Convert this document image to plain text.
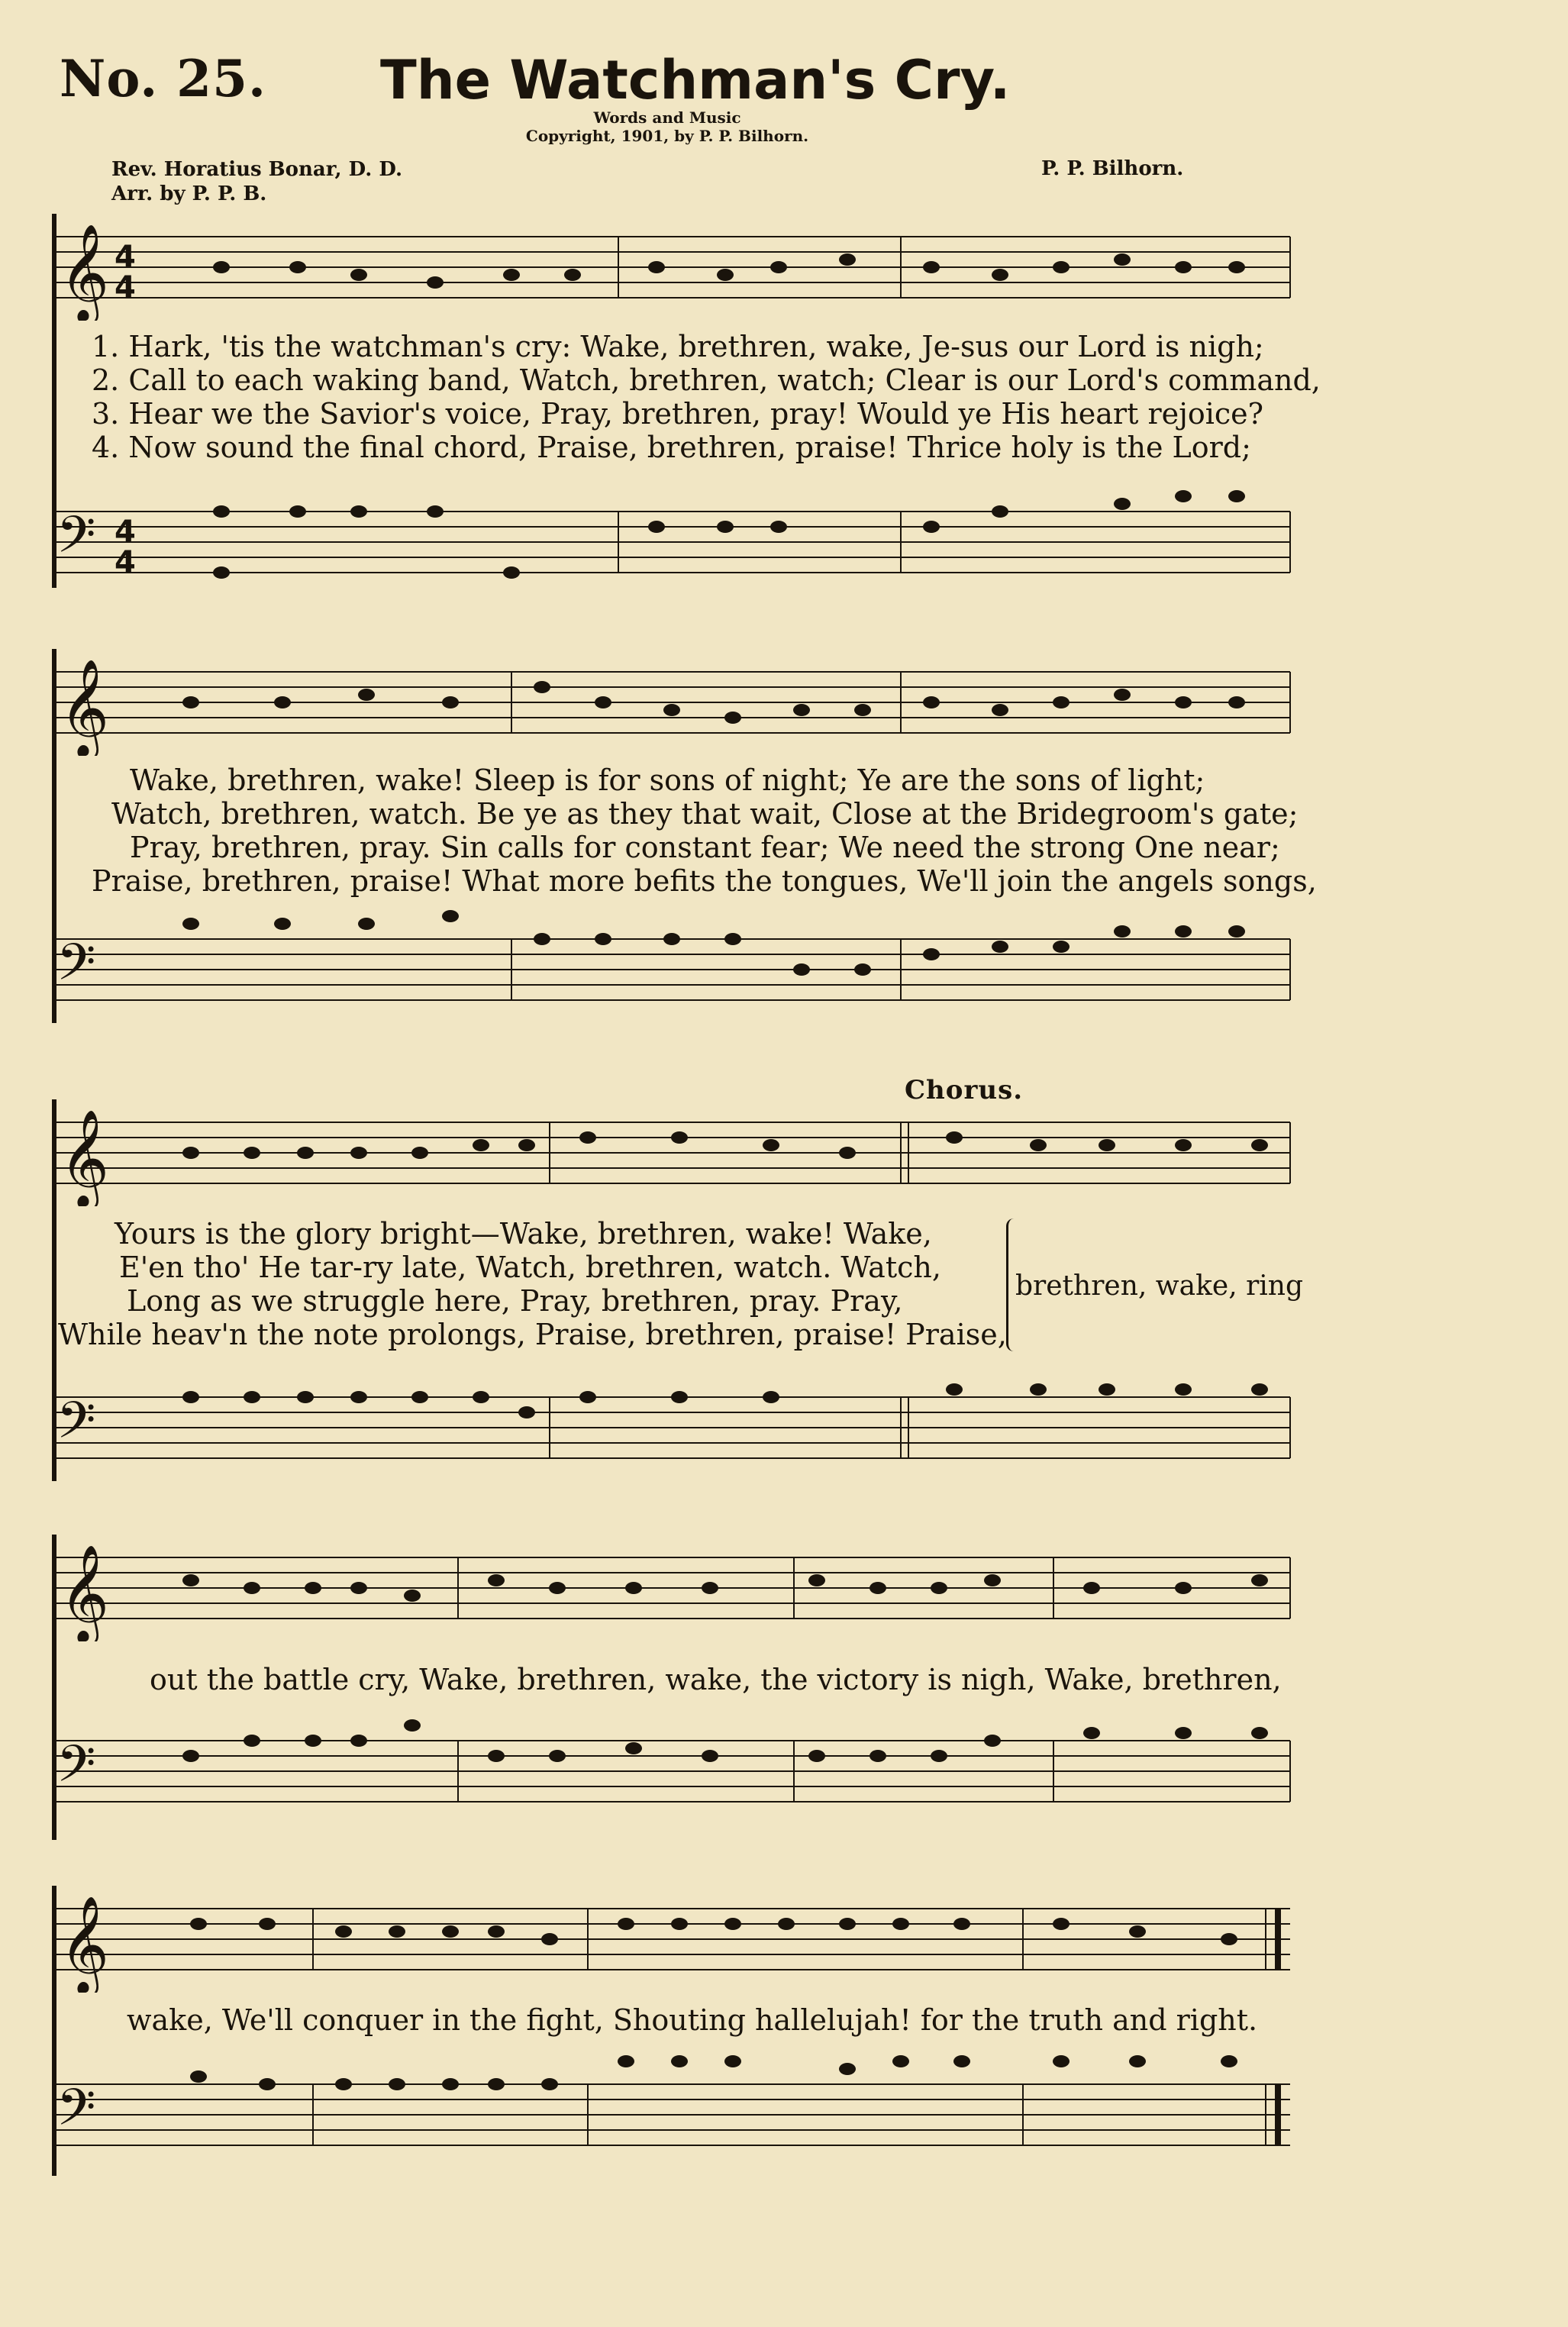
No. 25. The Watchman's Cry.
Words and Music
Copyright, 1901, by P. P. Bilhorn.
Rev. Horatius Bonar, D. D.
Arr. by P. P. B.
P. P. Bilhorn.
𝄞 4
4
1. Hark, 'tis the watchman's cry: Wake, brethren, wake, Je-sus our Lord is nigh;
2. Call to each waking band, Watch, brethren, watch; Clear is our Lord's command,
3. Hear we the Savior's voice, Pray, brethren, pray! Would ye His heart rejoice?
4. Now sound the final chord, Praise, brethren, praise! Thrice holy is the Lord;
𝄢 4
4
𝄞
Wake, brethren, wake! Sleep is for sons of night; Ye are the sons of light;
Watch, brethren, watch. Be ye as they that wait, Close at the Bridegroom's gate;
Pray, brethren, pray. Sin calls for constant fear; We need the strong One near;
Praise, brethren, praise! What more befits the tongues, We'll join the angels songs,
𝄢
Chorus.
𝄞
Yours is the glory bright—Wake, brethren, wake! Wake,
E'en tho' He tar-ry late, Watch, brethren, watch. Watch,
Long as we struggle here, Pray, brethren, pray. Pray,
While heav'n the note prolongs, Praise, brethren, praise! Praise,
brethren, wake, ring
𝄢
𝄞
out the battle cry, Wake, brethren, wake, the victory is nigh, Wake, brethren,
𝄢
𝄞
wake, We'll conquer in the fight, Shouting hallelujah! for the truth and right.
𝄢
